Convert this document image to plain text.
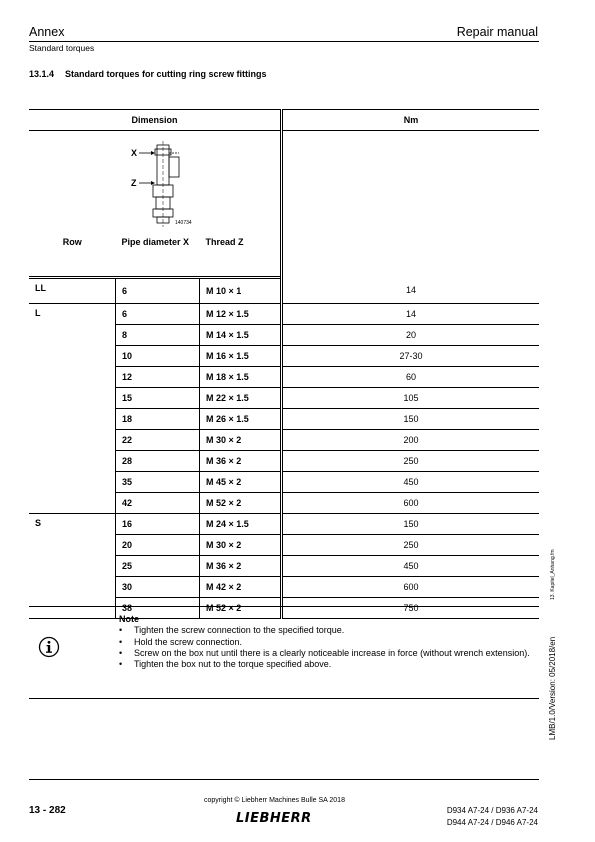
Annex	Repair manual
Standard torques
13.1.4 Standard torques for cutting ring screw fittings
Dimension			Nm

X
Z
140734			

Row	Pipe diameter X	Thread Z	
LL	6	M 10 × 1	14
L	6	M 12 × 1.5	14
	8	M 14 × 1.5	20
	10	M 16 × 1.5	27-30
	12	M 18 × 1.5	60
	15	M 22 × 1.5	105
	18	M 26 × 1.5	150
	22	M 30 × 2	200
	28	M 36 × 2	250
	35	M 45 × 2	450
	42	M 52 × 2	600
S	16	M 24 × 1.5	150
	20	M 30 × 2	250
	25	M 36 × 2	450
	30	M 42 × 2	600
	38	M 52 × 2	750
13. Kapitel_Anhang.fm
LMB/1.0/Version: 05/2018/en
Note
• Tighten the screw connection to the specified torque.
• Hold the screw connection.
• Screw on the box nut until there is a clearly noticeable increase in force (without wrench extension).
• Tighten the box nut to the torque specified above.
copyright © Liebherr Machines Bulle SA 2018
13 - 282
LIEBHERR
D934 A7-24 / D936 A7-24
D944 A7-24 / D946 A7-24
